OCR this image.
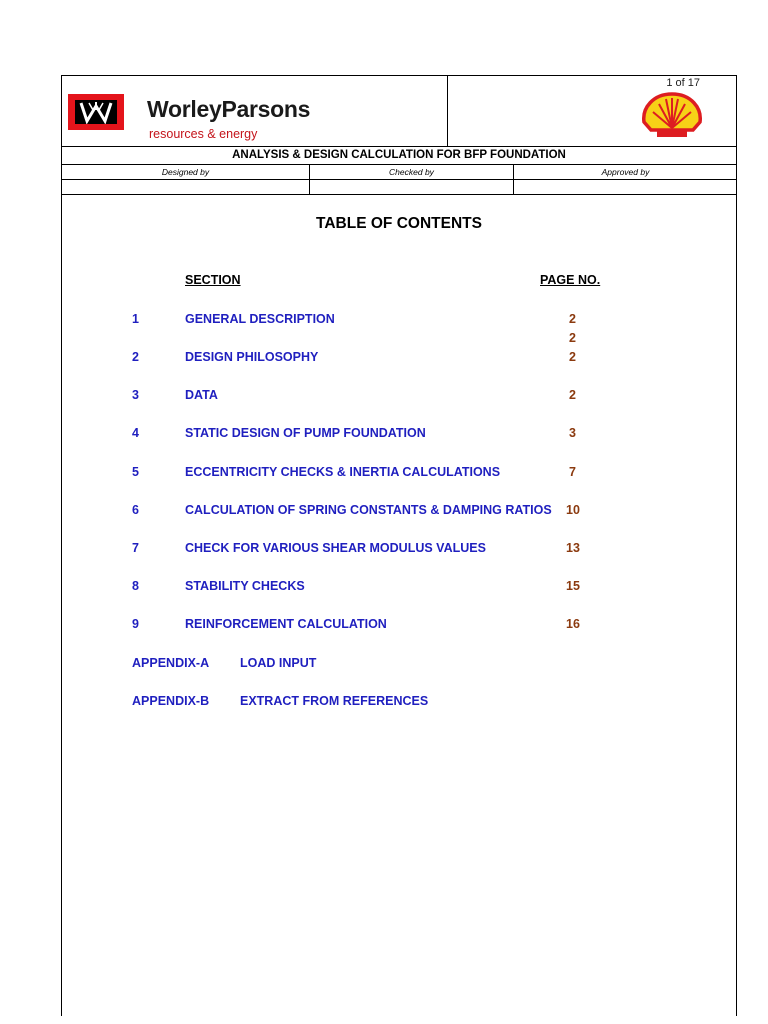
WorleyParsons
resources & energy
1 of 17
ANALYSIS & DESIGN CALCULATION FOR BFP FOUNDATION
Designed by	Checked by	Approved by
TABLE OF CONTENTS
SECTION	PAGE NO.
1	GENERAL DESCRIPTION	2
2
2	DESIGN PHILOSOPHY	2
3	DATA	2
4	STATIC DESIGN OF PUMP FOUNDATION	3
5	ECCENTRICITY CHECKS & INERTIA CALCULATIONS	7
6	CALCULATION OF SPRING CONSTANTS & DAMPING RATIOS 10
7	CHECK FOR VARIOUS SHEAR MODULUS VALUES	13
8	STABILITY CHECKS	15
9	REINFORCEMENT CALCULATION	16
APPENDIX-A LOAD INPUT
APPENDIX-B EXTRACT FROM REFERENCES
